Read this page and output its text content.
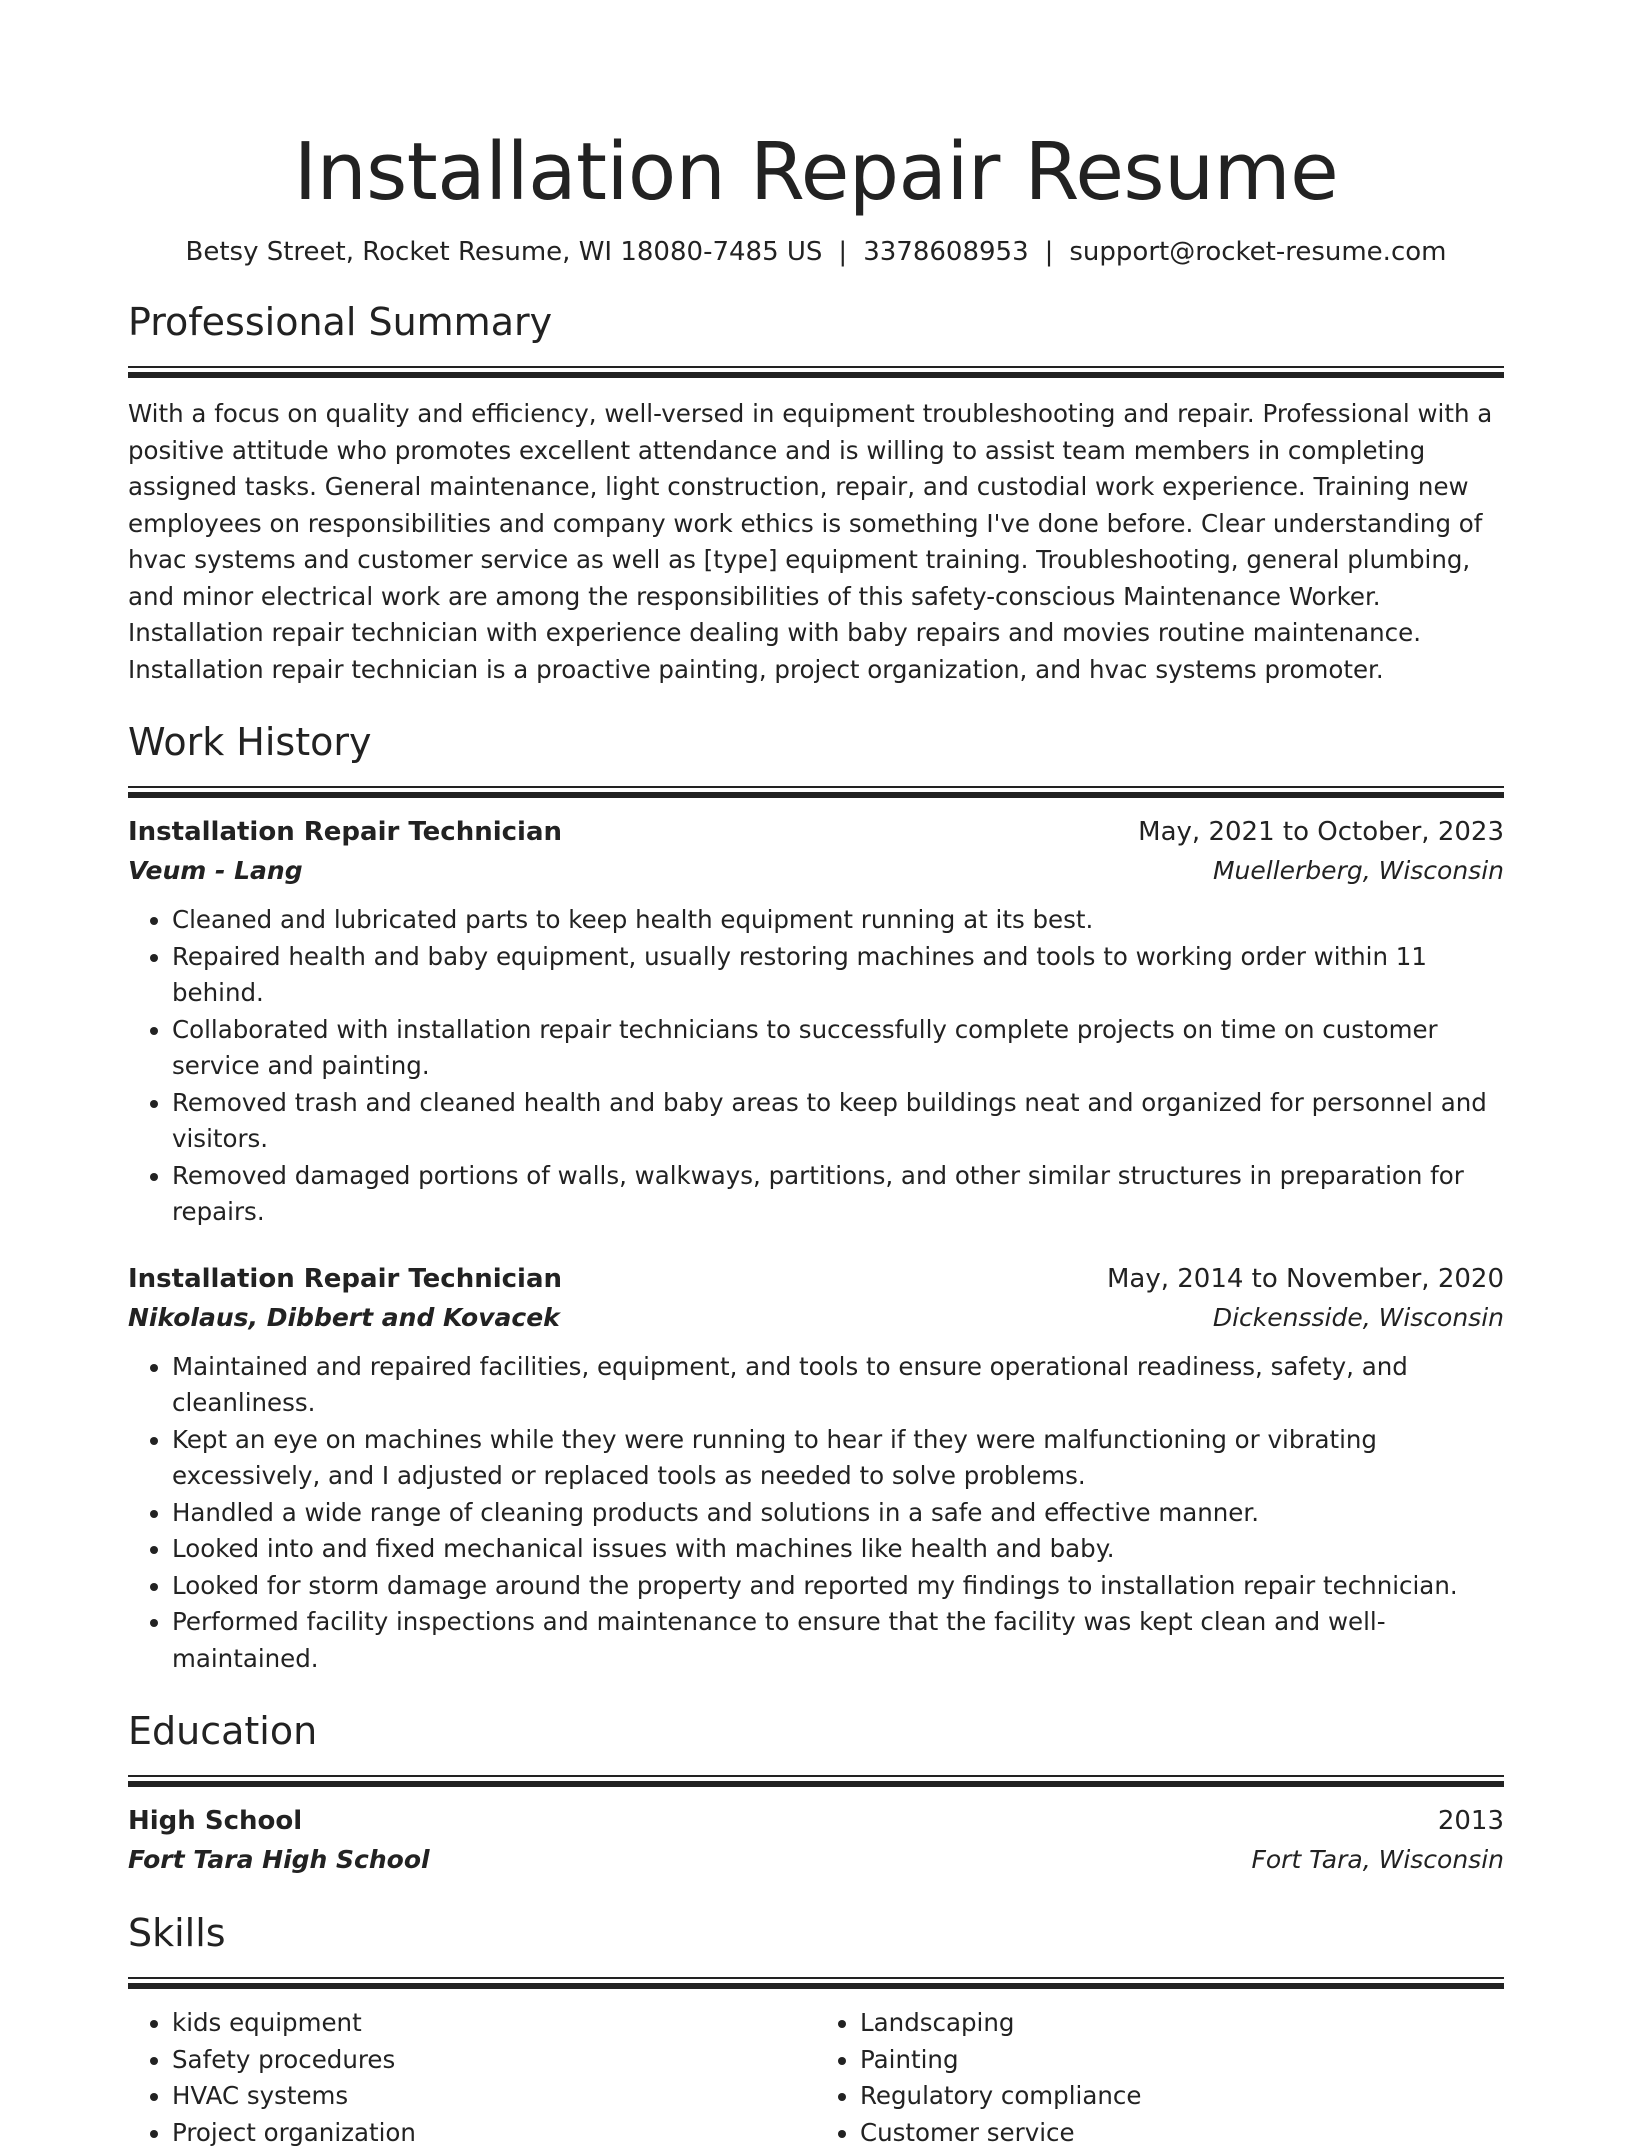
Installation Repair Resume
Betsy Street, Rocket Resume, WI 18080-7485 US | 3378608953 | support@rocket-resume.com
Professional Summary

With a focus on quality and efficiency, well-versed in equipment troubleshooting and repair. Professional with a positive attitude who promotes excellent attendance and is willing to assist team members in completing assigned tasks. General maintenance, light construction, repair, and custodial work experience. Training new employees on responsibilities and company work ethics is something I've done before. Clear understanding of hvac systems and customer service as well as [type] equipment training. Troubleshooting, general plumbing, and minor electrical work are among the responsibilities of this safety-conscious Maintenance Worker. Installation repair technician with experience dealing with baby repairs and movies routine maintenance. Installation repair technician is a proactive painting, project organization, and hvac systems promoter.

Work History
Installation Repair Technician	May, 2021 to October, 2023
Veum - Lang	Muellerberg, Wisconsin
• Cleaned and lubricated parts to keep health equipment running at its best.
• Repaired health and baby equipment, usually restoring machines and tools to working order within 11 behind.
• Collaborated with installation repair technicians to successfully complete projects on time on customer service and painting.
• Removed trash and cleaned health and baby areas to keep buildings neat and organized for personnel and visitors.
• Removed damaged portions of walls, walkways, partitions, and other similar structures in preparation for repairs.
Installation Repair Technician	May, 2014 to November, 2020
Nikolaus, Dibbert and Kovacek	Dickensside, Wisconsin
• Maintained and repaired facilities, equipment, and tools to ensure operational readiness, safety, and cleanliness.
• Kept an eye on machines while they were running to hear if they were malfunctioning or vibrating excessively, and I adjusted or replaced tools as needed to solve problems.
• Handled a wide range of cleaning products and solutions in a safe and effective manner.
• Looked into and fixed mechanical issues with machines like health and baby.
• Looked for storm damage around the property and reported my findings to installation repair technician.
• Performed facility inspections and maintenance to ensure that the facility was kept clean and well-maintained.
Education
High School	2013
Fort Tara High School	Fort Tara, Wisconsin
Skills
• kids equipment
• Safety procedures
• HVAC systems
• Project organization
• Landscaping
• Painting
• Regulatory compliance
• Customer service
